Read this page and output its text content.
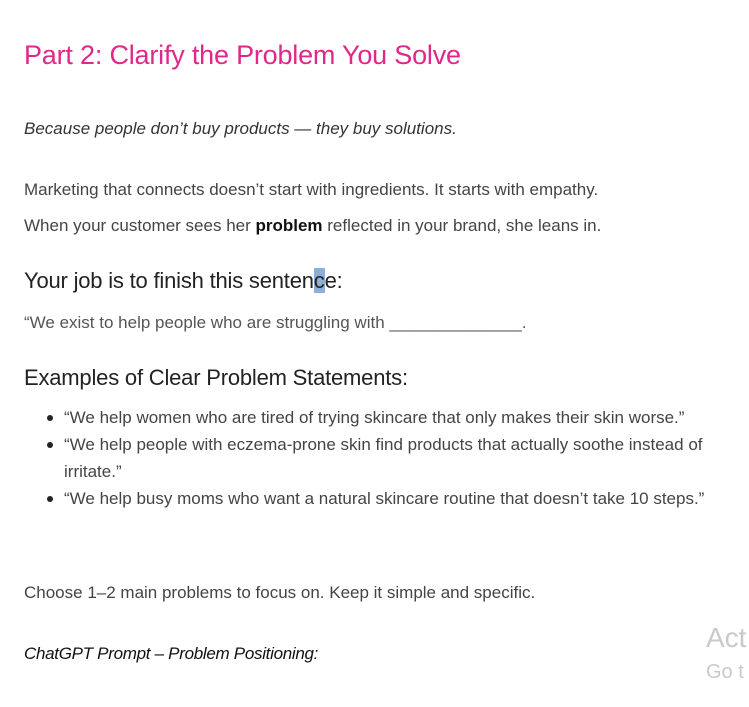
Part 2: Clarify the Problem You Solve

Because people don’t buy products — they buy solutions.

Marketing that connects doesn’t start with ingredients. It starts with empathy.

When your customer sees her problem reflected in your brand, she leans in.

Your job is to finish this sentence:

“We exist to help people who are struggling with ______________.

Examples of Clear Problem Statements:
“We help women who are tired of trying skincare that only makes their skin worse.”
“We help people with eczema-prone skin find products that actually soothe instead of irritate.”
“We help busy moms who want a natural skincare routine that doesn’t take 10 steps.”

Choose 1–2 main problems to focus on. Keep it simple and specific.

ChatGPT Prompt – Problem Positioning:

Act
Go t
